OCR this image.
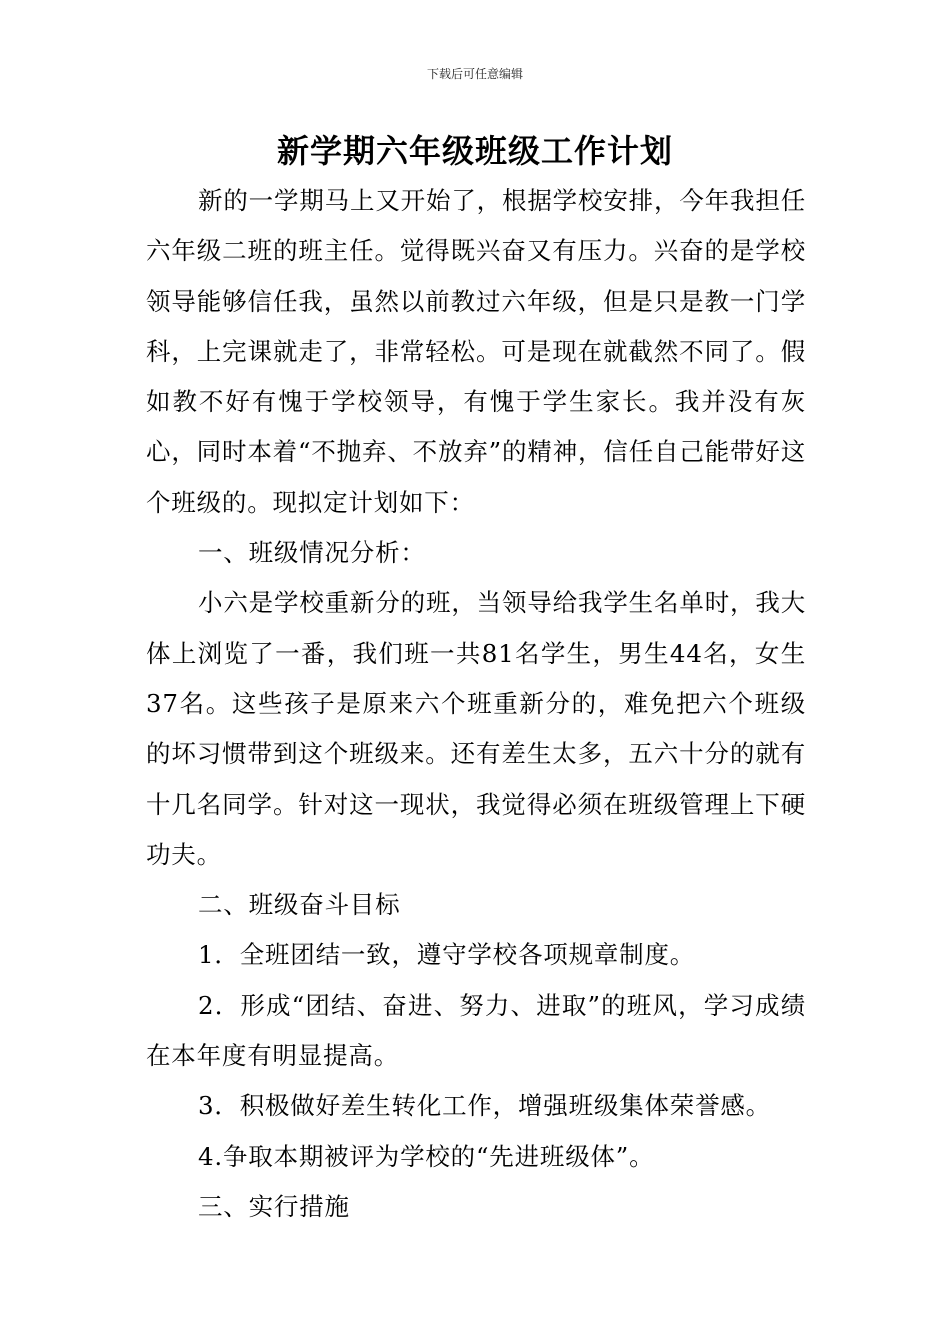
下载后可任意编辑
新学期六年级班级工作计划

新的一学期马上又开始了，根据学校安排，今年我担任六年级二班的班主任。觉得既兴奋又有压力。兴奋的是学校领导能够信任我，虽然以前教过六年级，但是只是教一门学科，上完课就走了，非常轻松。可是现在就截然不同了。假如教不好有愧于学校领导，有愧于学生家长。我并没有灰心，同时本着“不抛弃、不放弃”的精神，信任自己能带好这个班级的。现拟定计划如下：

一、班级情况分析：

小六是学校重新分的班，当领导给我学生名单时，我大体上浏览了一番，我们班一共81名学生，男生44名，女生37名。这些孩子是原来六个班重新分的，难免把六个班级的坏习惯带到这个班级来。还有差生太多，五六十分的就有十几名同学。针对这一现状，我觉得必须在班级管理上下硬功夫。

二、班级奋斗目标

1．全班团结一致，遵守学校各项规章制度。

2．形成“团结、奋进、努力、进取”的班风，学习成绩在本年度有明显提高。

3．积极做好差生转化工作，增强班级集体荣誉感。

4.争取本期被评为学校的“先进班级体”。

三、实行措施
